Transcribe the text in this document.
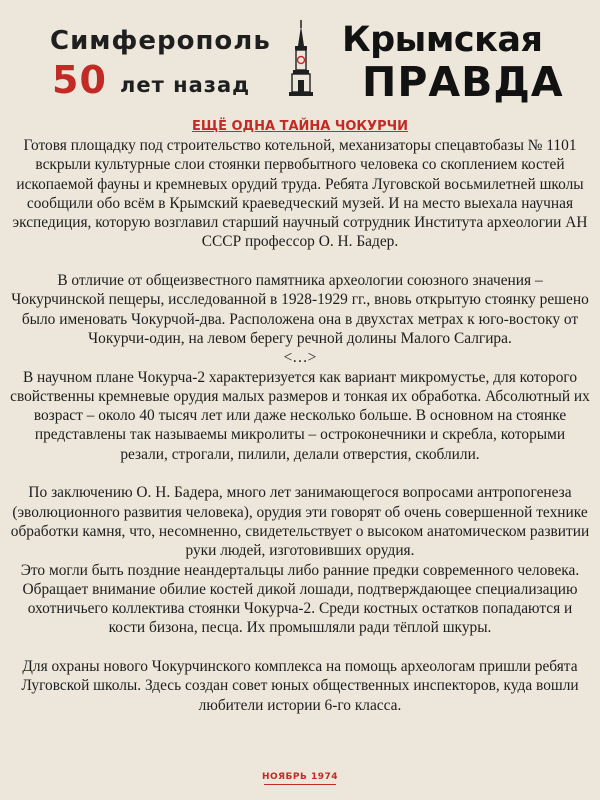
Симферополь
50 лет назад
Крымская
ПРАВДА
ЕЩЁ ОДНА ТАЙНА ЧОКУРЧИ

Готовя площадку под строительство котельной, механизаторы спецавтобазы № 1101 вскрыли культурные слои стоянки первобытного человека со скоплением костей ископаемой фауны и кремневых орудий труда. Ребята Луговской восьмилетней школы сообщили обо всём в Крымский краеведческий музей. И на место выехала научная экспедиция, которую возглавил старший научный сотрудник Института археологии АН СССР профессор О. Н. Бадер.

В отличие от общеизвестного памятника археологии союзного значения – Чокурчинской пещеры, исследованной в 1928-1929 гг., вновь открытую стоянку решено было именовать Чокурчой-два. Расположена она в двухстах метрах к юго-востоку от Чокурчи-один, на левом берегу речной долины Малого Салгира.

<…>

В научном плане Чокурча-2 характеризуется как вариант микромустье, для которого свойственны кремневые орудия малых размеров и тонкая их обработка. Абсолютный их возраст – около 40 тысяч лет или даже несколько больше. В основном на стоянке представлены так называемы микролиты – остроконечники и скребла, которыми резали, строгали, пилили, делали отверстия, скоблили.

По заключению О. Н. Бадера, много лет занимающегося вопросами антропогенеза (эволюционного развития человека), орудия эти говорят об очень совершенной технике обработки камня, что, несомненно, свидетельствует о высоком анатомическом развитии руки людей, изготовивших орудия.

Это могли быть поздние неандертальцы либо ранние предки современного человека. Обращает внимание обилие костей дикой лошади, подтверждающее специализацию охотничьего коллектива стоянки Чокурча-2. Среди костных остатков попадаются и кости бизона, песца. Их промышляли ради тёплой шкуры.

Для охраны нового Чокурчинского комплекса на помощь археологам пришли ребята Луговской школы. Здесь создан совет юных общественных инспекторов, куда вошли любители истории 6-го класса.

НОЯБРЬ 1974
